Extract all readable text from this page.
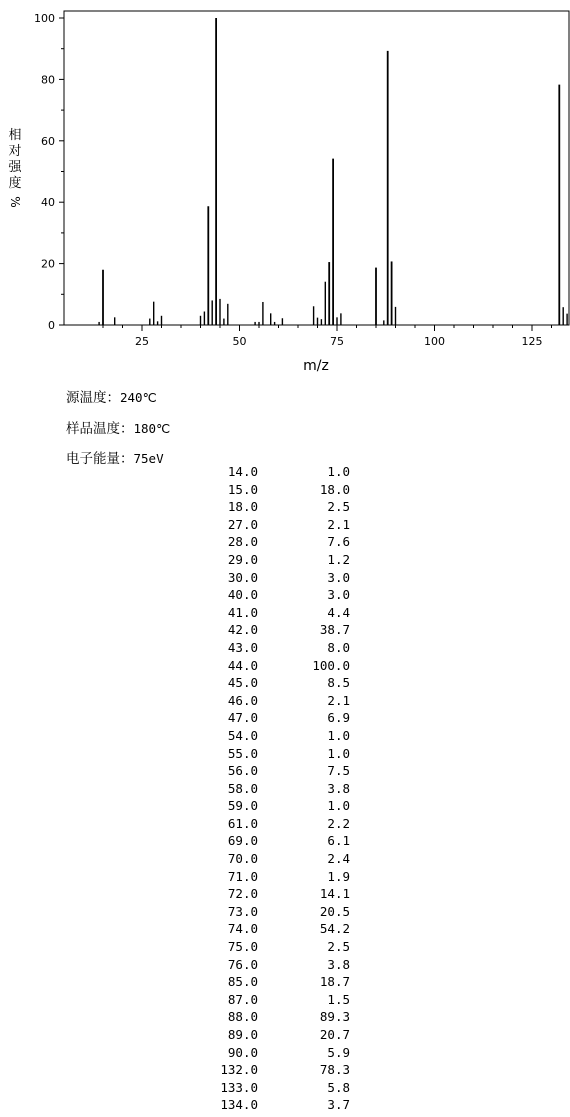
0
20
40
60
80
100
25	50	75	100	125
m/z
相
对
强
度
%
源温度：240℃
样品温度：180℃
电子能量：75eV
14.0	1.0
15.0	18.0
18.0	2.5
27.0	2.1
28.0	7.6
29.0	1.2
30.0	3.0
40.0	3.0
41.0	4.4
42.0	38.7
43.0	8.0
44.0	100.0
45.0	8.5
46.0	2.1
47.0	6.9
54.0	1.0
55.0	1.0
56.0	7.5
58.0	3.8
59.0	1.0
61.0	2.2
69.0	6.1
70.0	2.4
71.0	1.9
72.0	14.1
73.0	20.5
74.0	54.2
75.0	2.5
76.0	3.8
85.0	18.7
87.0	1.5
88.0	89.3
89.0	20.7
90.0	5.9
132.0	78.3
133.0	5.8
134.0	3.7
